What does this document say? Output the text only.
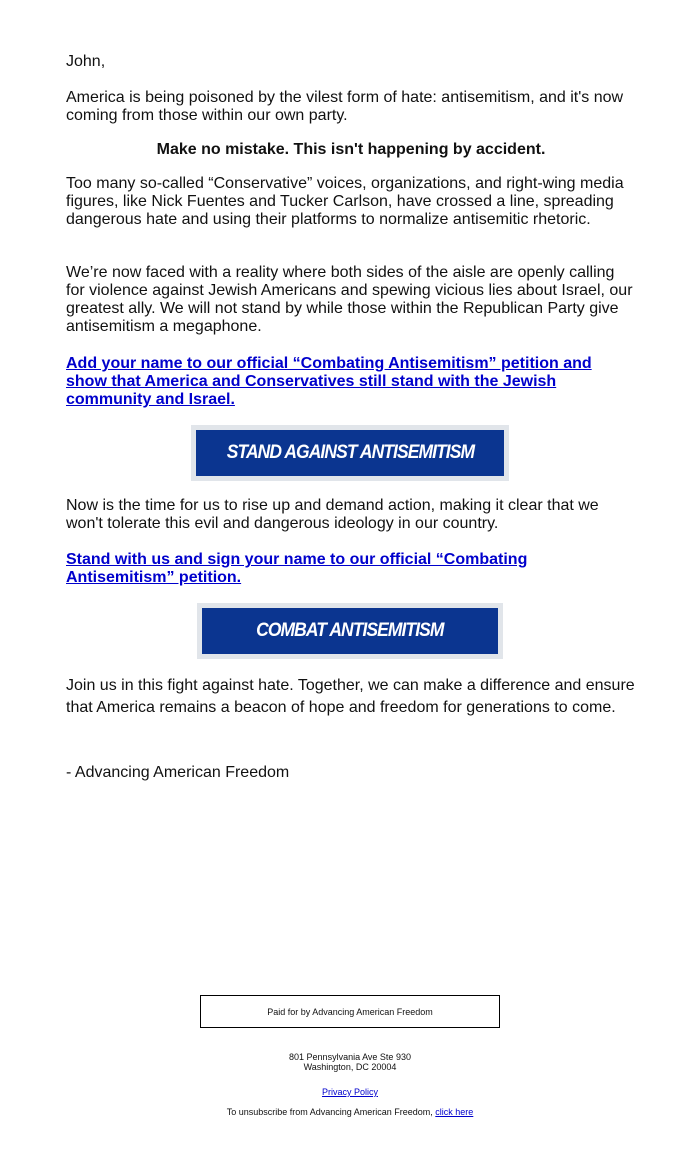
John,

America is being poisoned by the vilest form of hate: antisemitism, and it's now coming from those within our own party.

Make no mistake. This isn't happening by accident.

Too many so-called “Conservative” voices, organizations, and right-wing media figures, like Nick Fuentes and Tucker Carlson, have crossed a line, spreading dangerous hate and using their platforms to normalize antisemitic rhetoric.

We’re now faced with a reality where both sides of the aisle are openly calling for violence against Jewish Americans and spewing vicious lies about Israel, our greatest ally. We will not stand by while those within the Republican Party give antisemitism a megaphone.

Add your name to our official “Combating Antisemitism” petition and show that America and Conservatives still stand with the Jewish community and Israel.

STAND AGAINST ANTISEMITISM

Now is the time for us to rise up and demand action, making it clear that we won't tolerate this evil and dangerous ideology in our country.

Stand with us and sign your name to our official “Combating Antisemitism” petition.

COMBAT ANTISEMITISM

Join us in this fight against hate. Together, we can make a difference and ensure that America remains a beacon of hope and freedom for generations to come.

- Advancing American Freedom

Paid for by Advancing American Freedom
801 Pennsylvania Ave Ste 930
Washington, DC 20004
Privacy Policy
To unsubscribe from Advancing American Freedom, click here
